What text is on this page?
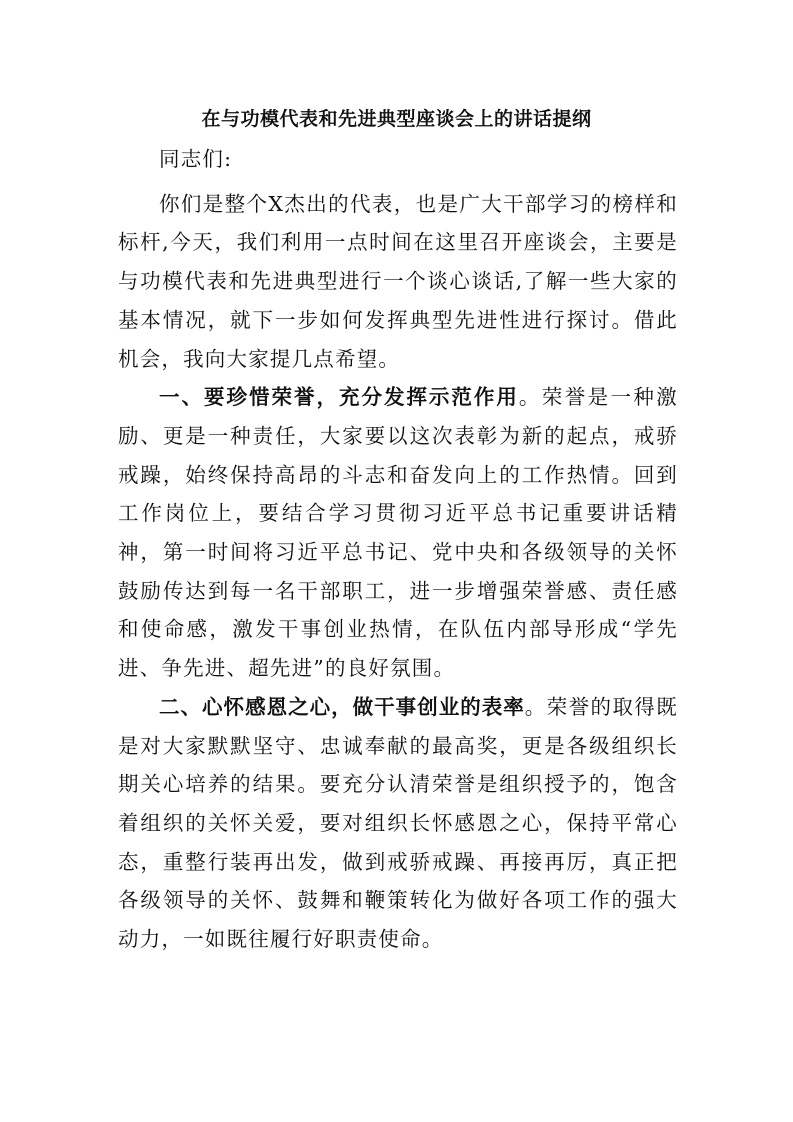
在与功模代表和先进典型座谈会上的讲话提纲

同志们:

你们是整个X杰出的代表，也是广大干部学习的榜样和标杆,今天，我们利用一点时间在这里召开座谈会，主要是与功模代表和先进典型进行一个谈心谈话,了解一些大家的基本情况，就下一步如何发挥典型先进性进行探讨。借此机会，我向大家提几点希望。

一、要珍惜荣誉，充分发挥示范作用。荣誉是一种激励、更是一种责任，大家要以这次表彰为新的起点，戒骄戒躁，始终保持高昂的斗志和奋发向上的工作热情。回到工作岗位上，要结合学习贯彻习近平总书记重要讲话精神，第一时间将习近平总书记、党中央和各级领导的关怀鼓励传达到每一名干部职工，进一步增强荣誉感、责任感和使命感，激发干事创业热情，在队伍内部导形成“学先进、争先进、超先进”的良好氛围。

二、心怀感恩之心，做干事创业的表率。荣誉的取得既是对大家默默坚守、忠诚奉献的最高奖，更是各级组织长期关心培养的结果。要充分认清荣誉是组织授予的，饱含着组织的关怀关爱，要对组织长怀感恩之心，保持平常心态，重整行装再出发，做到戒骄戒躁、再接再厉，真正把各级领导的关怀、鼓舞和鞭策转化为做好各项工作的强大动力，一如既往履行好职责使命。
